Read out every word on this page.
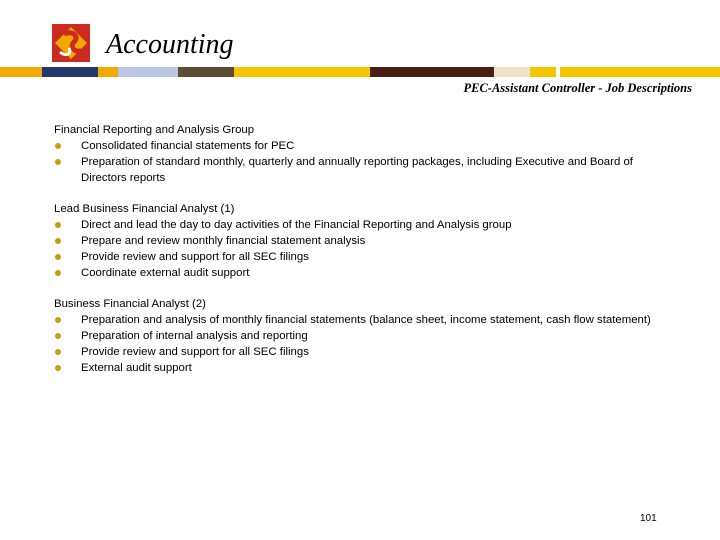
Accounting
PEC-Assistant Controller - Job Descriptions
Financial Reporting and Analysis Group
Consolidated financial statements for PEC
Preparation of standard monthly, quarterly and annually reporting packages, including Executive and Board of Directors reports
Lead Business Financial Analyst (1)
Direct and lead the day to day activities of the Financial Reporting and Analysis group
Prepare and review monthly financial statement analysis
Provide review and support for all SEC filings
Coordinate external audit support
Business Financial Analyst (2)
Preparation and analysis of monthly financial statements (balance sheet, income statement, cash flow statement)
Preparation of internal analysis and reporting
Provide review and support for all SEC filings
External audit support
101
